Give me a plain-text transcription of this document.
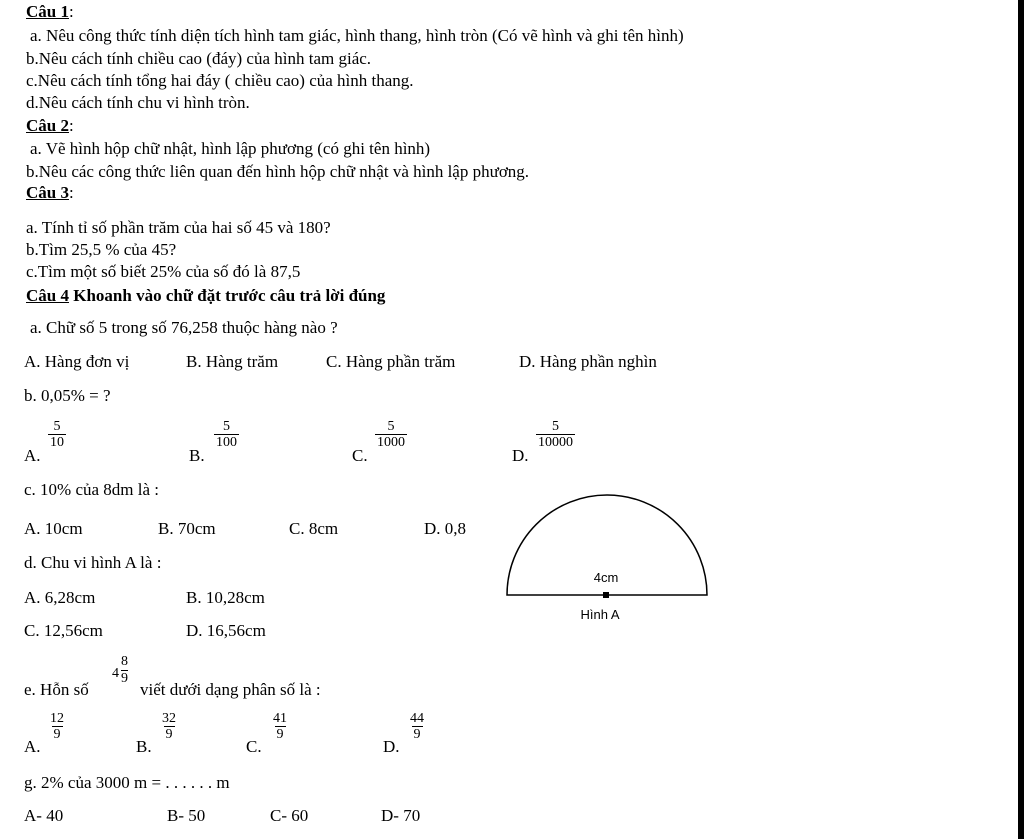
Câu 1:
a. Nêu công thức tính diện tích hình tam giác, hình thang, hình tròn (Có vẽ hình và ghi tên hình)
b.Nêu cách tính chiều cao (đáy) của hình tam giác.
c.Nêu cách tính tổng hai đáy ( chiều cao) của hình thang.
d.Nêu cách tính chu vi hình tròn.
Câu 2:
a. Vẽ hình hộp chữ nhật, hình lập phương (có ghi tên hình)
b.Nêu các công thức liên quan đến hình hộp chữ nhật và hình lập phương.
Câu 3:
a. Tính tỉ số phần trăm của hai số 45 và 180?
b.Tìm 25,5 % của 45?
c.Tìm một số biết 25% của số đó là 87,5
Câu 4 Khoanh vào chữ đặt trước câu trả lời đúng
a. Chữ số 5 trong số 76,258 thuộc hàng nào ?
A. Hàng đơn vị	B. Hàng trăm	C. Hàng phần trăm	D. Hàng phần nghìn
b. 0,05% = ?
A.
$\frac{5}{10}$
B.
$\frac{5}{100}$
C.
$\frac{5}{1000}$
D.
$\frac{5}{10000}$
c. 10% của 8dm là :
A. 10cm	B. 70cm	C. 8cm	D. 0,8
d. Chu vi hình A là :
A. 6,28cm	B. 10,28cm
C. 12,56cm	D. 16,56cm
4cm
Hình A
e. Hỗn số
$4 \frac{8}{9}$
viết dưới dạng phân số là :
A.
$\frac{12}{9}$
B.
$\frac{32}{9}$
C.
$\frac{41}{9}$
D.
$\frac{44}{9}$
g. 2% của 3000 m = . . . . . . m
A- 40	B- 50	C- 60	D- 70
